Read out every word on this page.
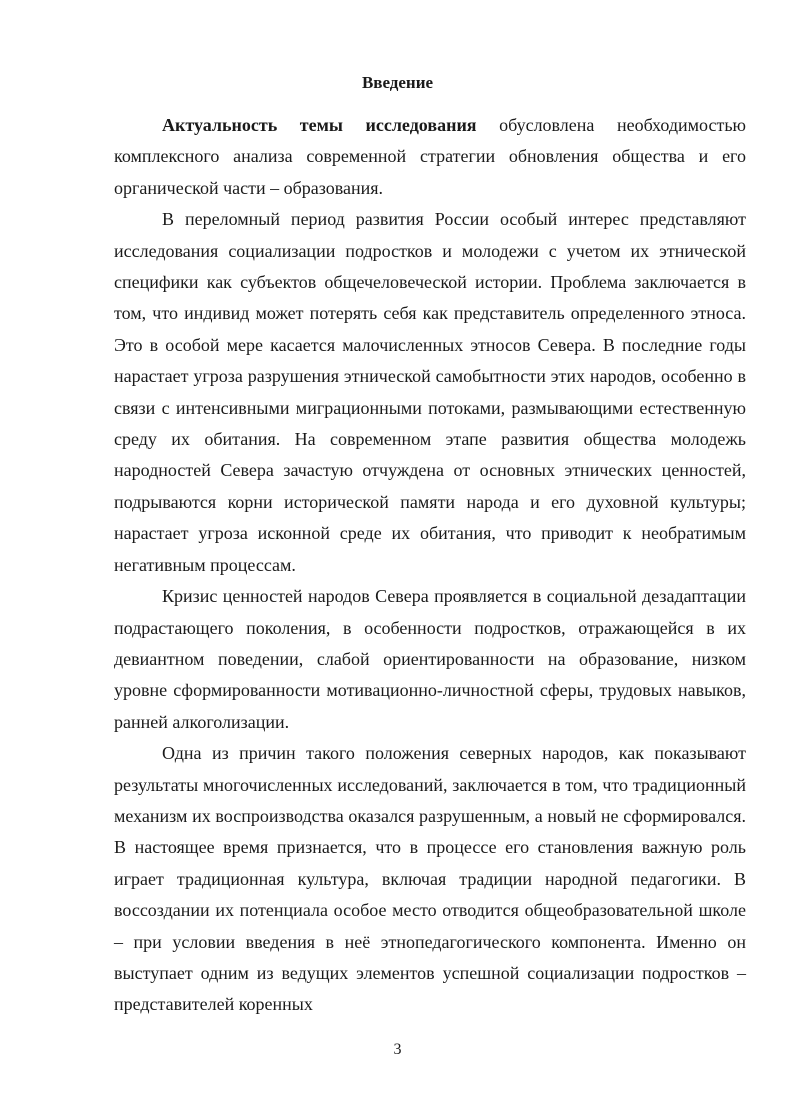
Введение

Актуальность темы исследования обусловлена необходимостью комплексного анализа современной стратегии обновления общества и его органической части – образования.

В переломный период развития России особый интерес представляют исследования социализации подростков и молодежи с учетом их этнической специфики как субъектов общечеловеческой истории. Проблема заключается в том, что индивид может потерять себя как представитель определенного этноса. Это в особой мере касается малочисленных этносов Севера. В последние годы нарастает угроза разрушения этнической самобытности этих народов, особенно в связи с интенсивными миграционными потоками, размывающими естественную среду их обитания. На современном этапе развития общества молодежь народностей Севера зачастую отчуждена от основных этнических ценностей, подрываются корни исторической памяти народа и его духовной культуры; нарастает угроза исконной среде их обитания, что приводит к необратимым негативным процессам.

Кризис ценностей народов Севера проявляется в социальной дезадаптации подрастающего поколения, в особенности подростков, отражающейся в их девиантном поведении, слабой ориентированности на образование, низком уровне сформированности мотивационно-личностной сферы, трудовых навыков, ранней алкоголизации.

Одна из причин такого положения северных народов, как показывают результаты многочисленных исследований, заключается в том, что традиционный механизм их воспроизводства оказался разрушенным, а новый не сформировался. В настоящее время признается, что в процессе его становления важную роль играет традиционная культура, включая традиции народной педагогики. В воссоздании их потенциала особое место отводится общеобразовательной школе – при условии введения в неё этнопедагогического компонента. Именно он выступает одним из ведущих элементов успешной социализации подростков – представителей коренных

3
